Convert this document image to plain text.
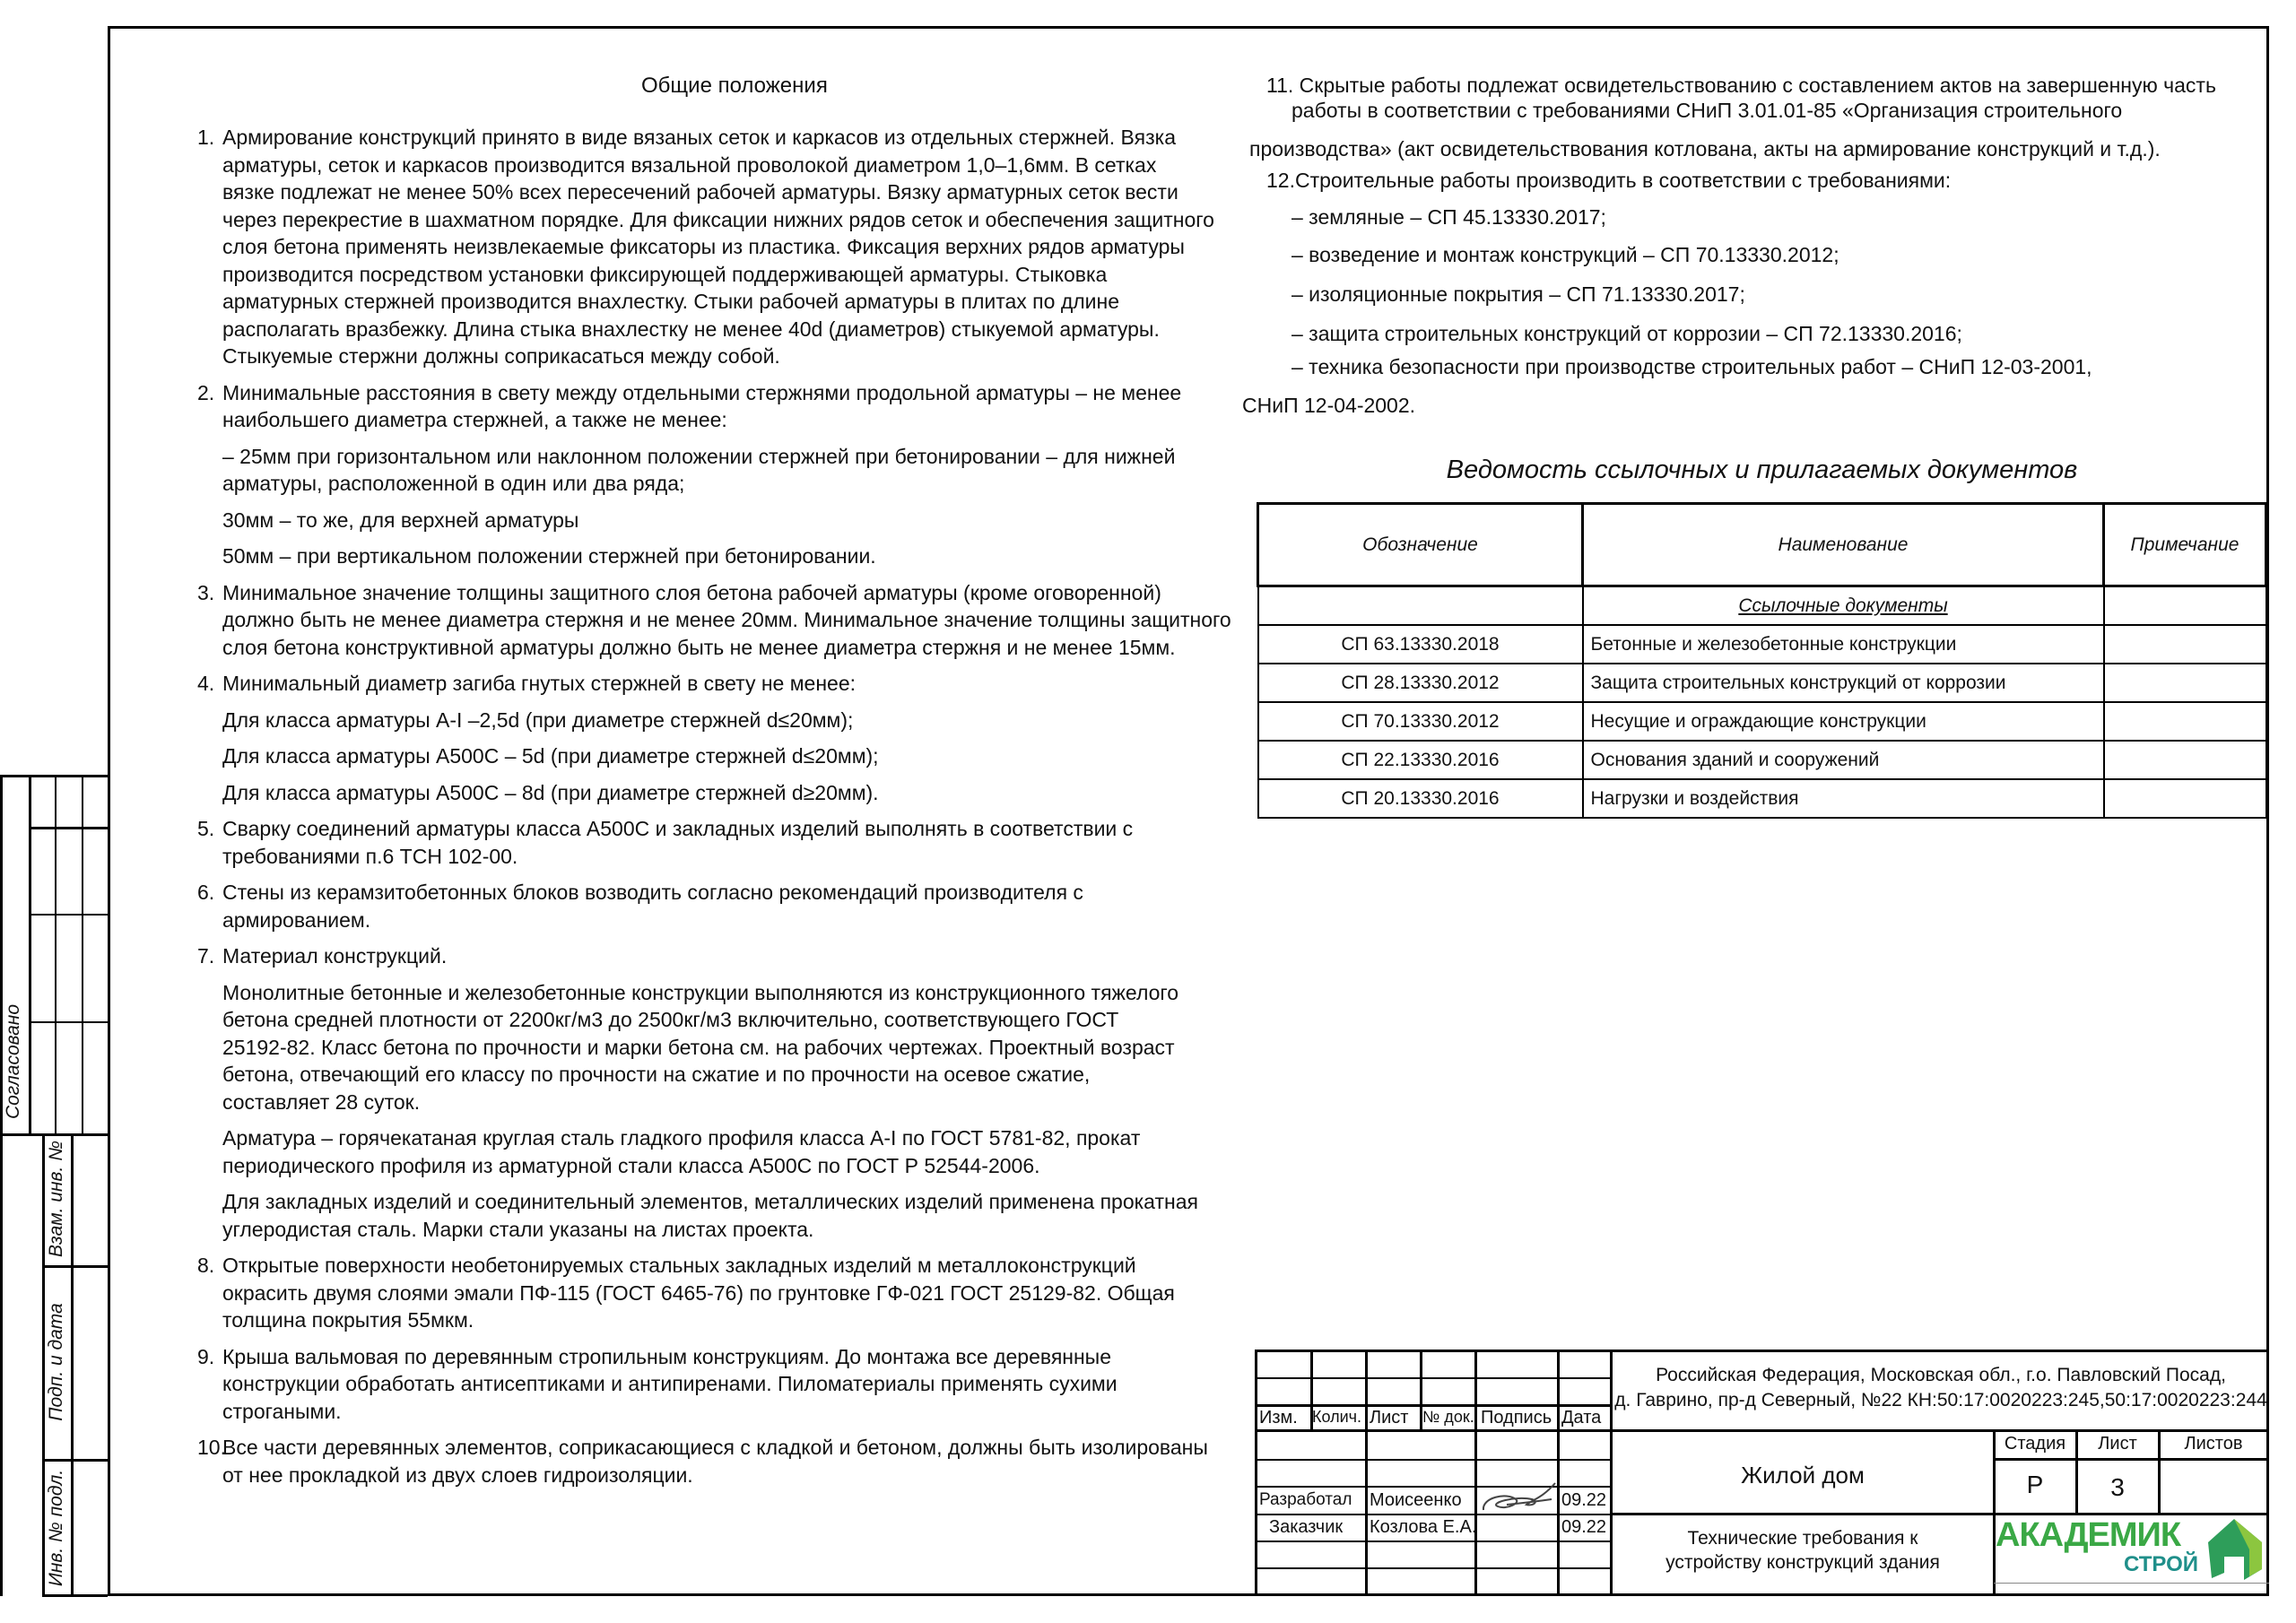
Согласовано
Взам. инв. №
Подп. и дата
Инв. № подл.
Общие положения
1. Армирование конструкций принято в виде вязаных сеток и каркасов из отдельных стержней. Вязка
арматуры, сеток и каркасов производится вязальной проволокой диаметром 1,0–1,6мм. В сетках
вязке подлежат не менее 50% всех пересечений рабочей арматуры. Вязку арматурных сеток вести
через перекрестие в шахматном порядке. Для фиксации нижних рядов сеток и обеспечения защитного
слоя бетона применять неизвлекаемые фиксаторы из пластика. Фиксация верхних рядов арматуры
производится посредством установки фиксирующей поддерживающей арматуры. Стыковка
арматурных стержней производится внахлестку. Стыки рабочей арматуры в плитах по длине
располагать вразбежку. Длина стыка внахлестку не менее 40d (диаметров) стыкуемой арматуры.
Стыкуемые стержни должны соприкасаться между собой.
2. Минимальные расстояния в свету между отдельными стержнями продольной арматуры – не менее
наибольшего диаметра стержней, а также не менее:
– 25мм при горизонтальном или наклонном положении стержней при бетонировании – для нижней
арматуры, расположенной в один или два ряда;
30мм – то же, для верхней арматуры
50мм – при вертикальном положении стержней при бетонировании.
3. Минимальное значение толщины защитного слоя бетона рабочей арматуры (кроме оговоренной)
должно быть не менее диаметра стержня и не менее 20мм. Минимальное значение толщины защитного
слоя бетона конструктивной арматуры должно быть не менее диаметра стержня и не менее 15мм.
4. Минимальный диаметр загиба гнутых стержней в свету не менее:
Для класса арматуры А-I –2,5d (при диаметре стержней d≤20мм);
Для класса арматуры А500С – 5d (при диаметре стержней d≤20мм);
Для класса арматуры А500С – 8d (при диаметре стержней d≥20мм).
5. Сварку соединений арматуры класса А500С и закладных изделий выполнять в соответствии с
требованиями п.6 ТСН 102-00.
6. Стены из керамзитобетонных блоков возводить согласно рекомендаций производителя с
армированием.
7. Материал конструкций.
Монолитные бетонные и железобетонные конструкции выполняются из конструкционного тяжелого
бетона средней плотности от 2200кг/м3 до 2500кг/м3 включительно, соответствующего ГОСТ
25192-82. Класс бетона по прочности и марки бетона см. на рабочих чертежах. Проектный возраст
бетона, отвечающий его классу по прочности на сжатие и по прочности на осевое сжатие,
составляет 28 суток.
Арматура – горячекатаная круглая сталь гладкого профиля класса А-I по ГОСТ 5781-82, прокат
периодического профиля из арматурной стали класса А500С по ГОСТ Р 52544-2006.
Для закладных изделий и соединительный элементов, металлических изделий применена прокатная
углеродистая сталь. Марки стали указаны на листах проекта.
8. Открытые поверхности необетонируемых стальных закладных изделий м металлоконструкций
окрасить двумя слоями эмали ПФ-115 (ГОСТ 6465-76) по грунтовке ГФ-021 ГОСТ 25129-82. Общая
толщина покрытия 55мкм.
9. Крыша вальмовая по деревянным стропильным конструкциям. До монтажа все деревянные
конструкции обработать антисептиками и антипиренами. Пиломатериалы применять сухими
строгаными.
10.
Все части деревянных элементов, соприкасающиеся с кладкой и бетоном, должны быть изолированы
от нее прокладкой из двух слоев гидроизоляции.
11. Скрытые работы подлежат освидетельствованию с составлением актов на завершенную часть
работы в соответствии с требованиями СНиП 3.01.01-85 «Организация строительного
производства» (акт освидетельствования котлована, акты на армирование конструкций и т.д.).
12.Строительные работы производить в соответствии с требованиями:
– земляные – СП 45.13330.2017;
– возведение и монтаж конструкций – СП 70.13330.2012;
– изоляционные покрытия – СП 71.13330.2017;
– защита строительных конструкций от коррозии – СП 72.13330.2016;
– техника безопасности при производстве строительных работ – СНиП 12-03-2001,
СНиП 12-04-2002.
Ведомость ссылочных и прилагаемых документов
Обозначение	Наименование	Примечание

	Ссылочные документы	

СП 63.13330.2018	Бетонные и железобетонные конструкции	
СП 28.13330.2012	Защита строительных конструкций от коррозии	
СП 70.13330.2012	Несущие и ограждающие конструкции	
СП 22.13330.2016	Основания зданий и сооружений	
СП 20.13330.2016	Нагрузки и воздействия	
Изм. Колич. Лист № док. Подпись Дата
Разработал Моисеенко	09.22
Заказчик Козлова Е.А.	09.22
Российская Федерация, Московская обл., г.о. Павловский Посад,
д. Гаврино, пр-д Северный, №22 КН:50:17:0020223:245,50:17:0020223:244
Жилой дом
Технические требования к
устройству конструкций здания
Стадия	Лист	Листов
Р	3
АКАДЕМИК
СТРОЙ
